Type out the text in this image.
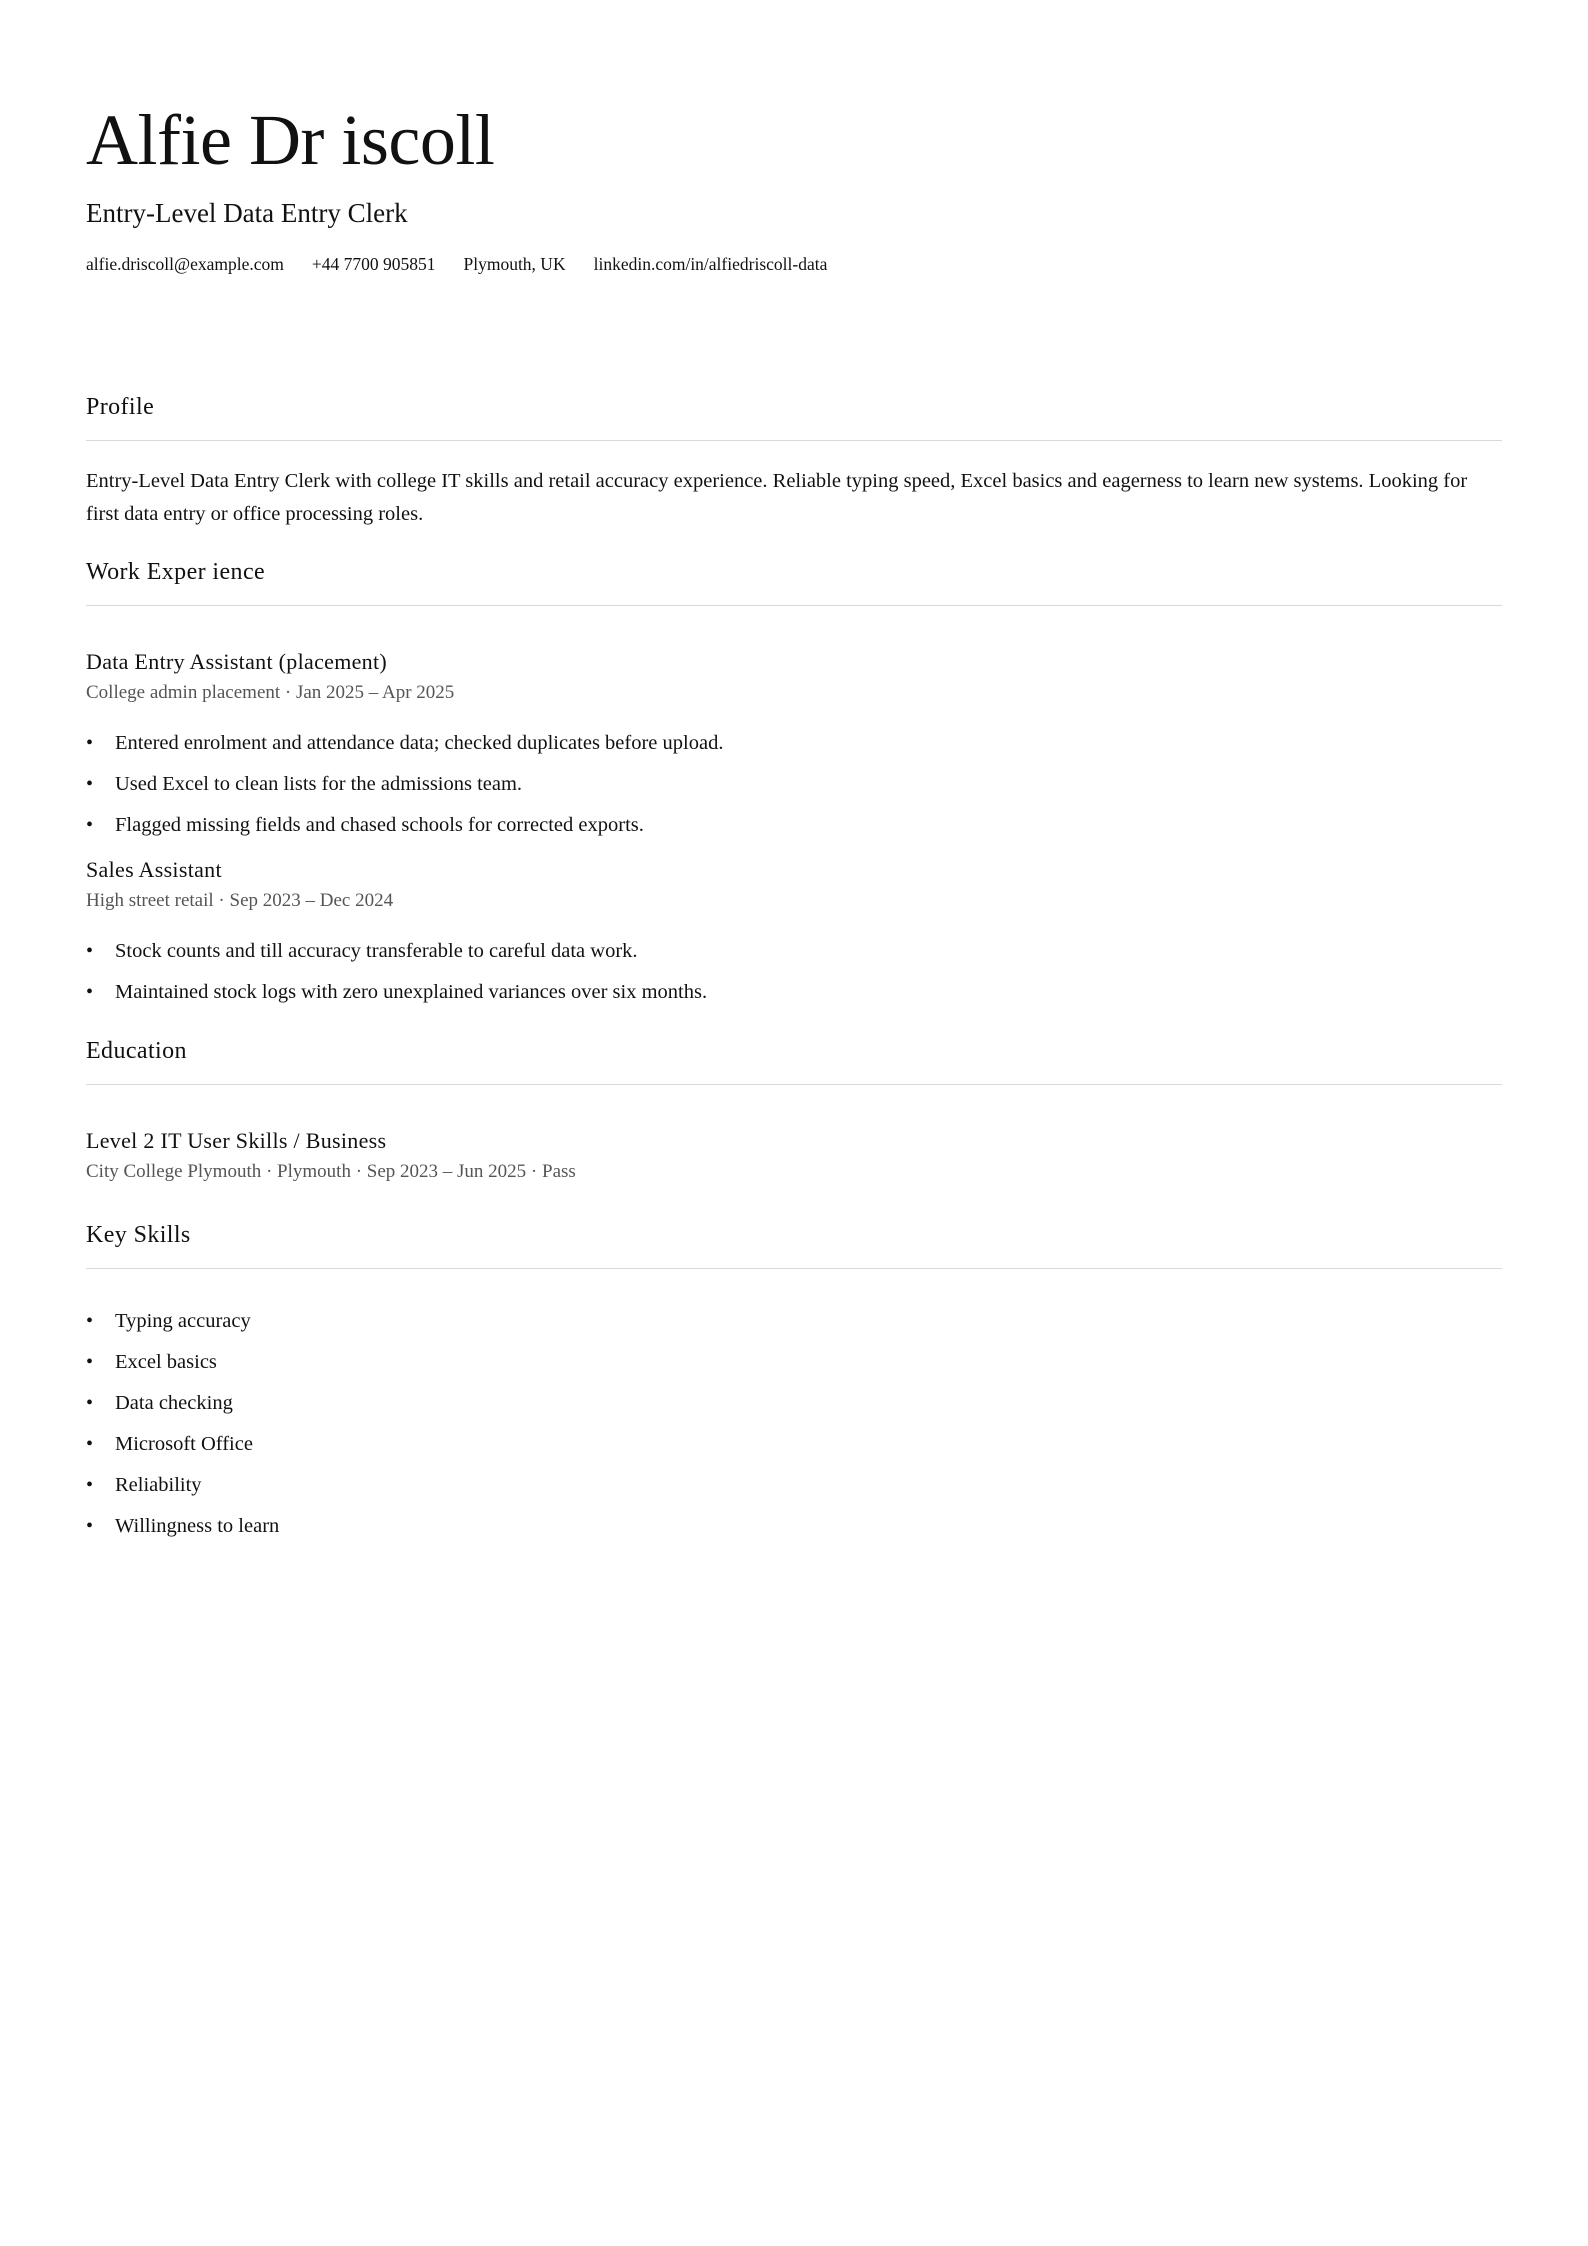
Alfie Dr iscoll
Entry-Level Data Entry Clerk
alfie.driscoll@example.com +44 7700 905851 Plymouth, UK linkedin.com/in/alfiedriscoll-data
Profile
Entry-Level Data Entry Clerk with college IT skills and retail accuracy experience. Reliable typing speed, Excel basics and eagerness to learn new systems. Looking for first data entry or office processing roles.
Work Exper ience
Data Entry Assistant (placement)
College admin placement · Jan 2025 – Apr 2025
• Entered enrolment and attendance data; checked duplicates before upload.
• Used Excel to clean lists for the admissions team.
• Flagged missing fields and chased schools for corrected exports.
Sales Assistant
High street retail · Sep 2023 – Dec 2024
• Stock counts and till accuracy transferable to careful data work.
• Maintained stock logs with zero unexplained variances over six months.
Education
Level 2 IT User Skills / Business
City College Plymouth · Plymouth · Sep 2023 – Jun 2025 · Pass
Key Skills
• Typing accuracy
• Excel basics
• Data checking
• Microsoft Office
• Reliability
• Willingness to learn
